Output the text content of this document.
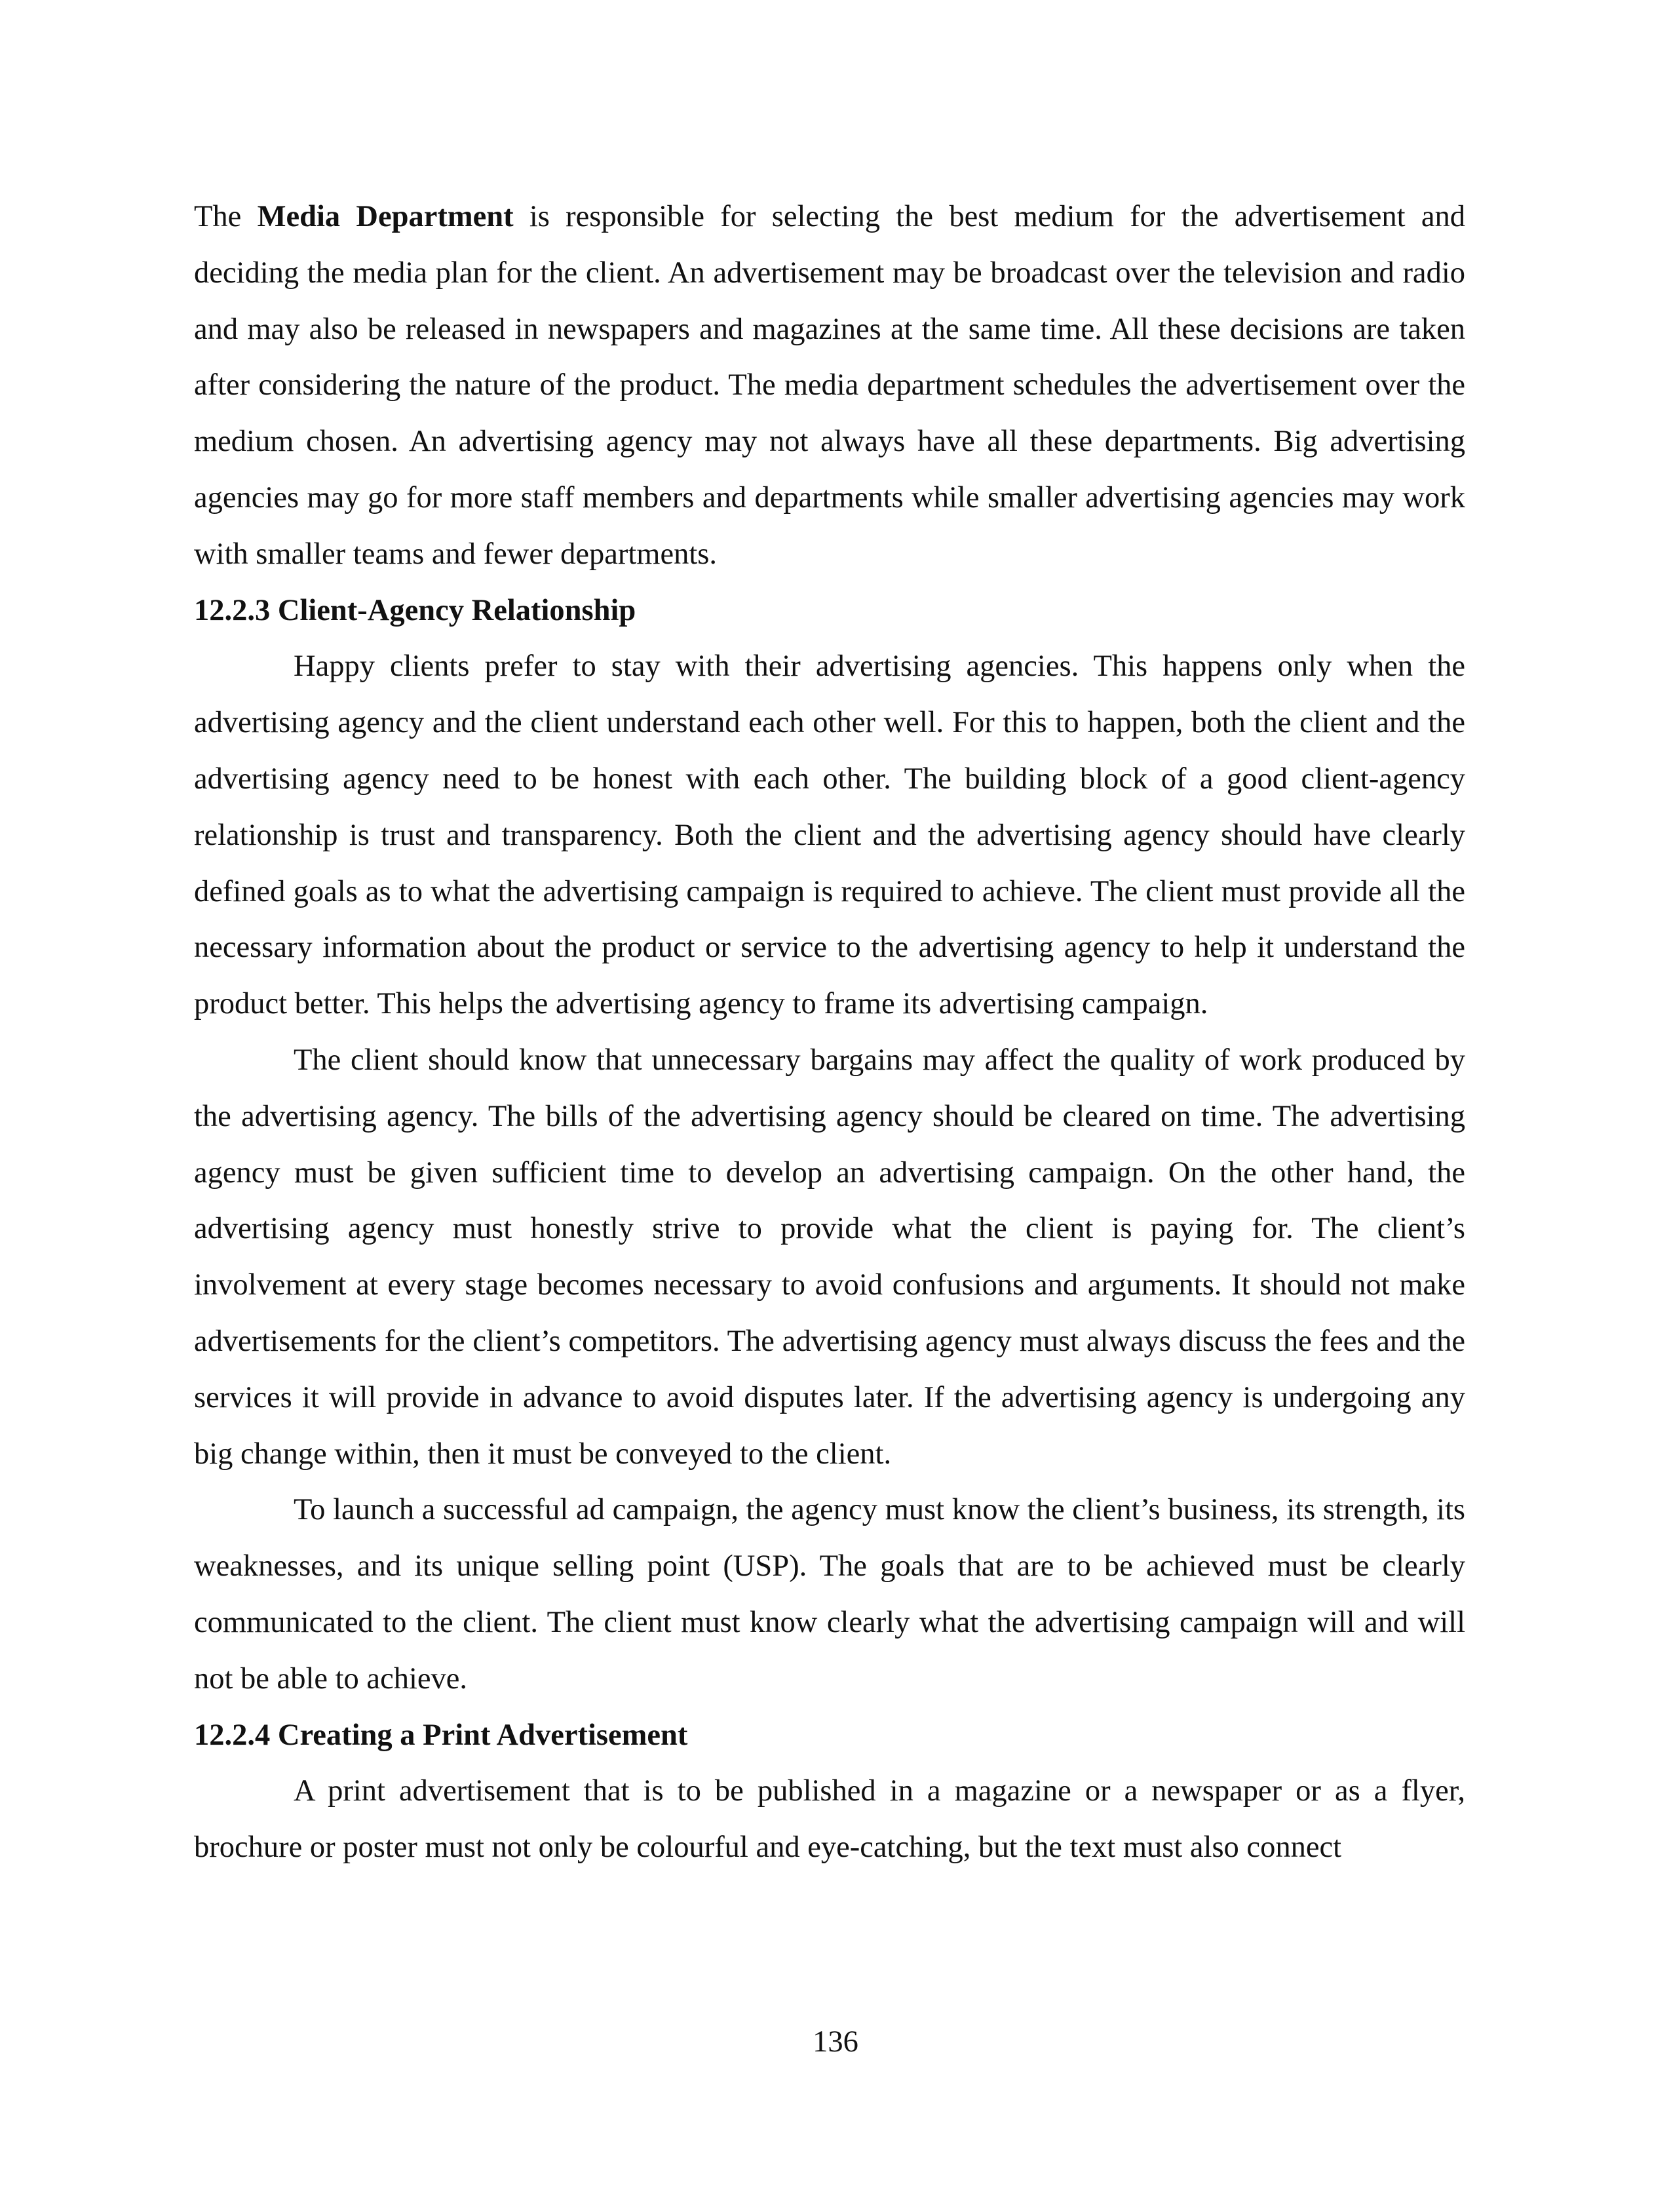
The Media Department is responsible for selecting the best medium for the advertisement and deciding the media plan for the client. An advertisement may be broadcast over the television and radio and may also be released in newspapers and magazines at the same time. All these decisions are taken after considering the nature of the product. The media department schedules the advertisement over the medium chosen. An advertising agency may not always have all these departments. Big advertising agencies may go for more staff members and departments while smaller advertising agencies may work with smaller teams and fewer departments.

12.2.3 Client-Agency Relationship

Happy clients prefer to stay with their advertising agencies. This happens only when the advertising agency and the client understand each other well. For this to happen, both the client and the advertising agency need to be honest with each other. The building block of a good client-agency relationship is trust and transparency. Both the client and the advertising agency should have clearly defined goals as to what the advertising campaign is required to achieve. The client must provide all the necessary information about the product or service to the advertising agency to help it understand the product better. This helps the advertising agency to frame its advertising campaign.

The client should know that unnecessary bargains may affect the quality of work produced by the advertising agency. The bills of the advertising agency should be cleared on time. The advertising agency must be given sufficient time to develop an advertising campaign. On the other hand, the advertising agency must honestly strive to provide what the client is paying for. The client’s involvement at every stage becomes necessary to avoid confusions and arguments. It should not make advertisements for the client’s competitors. The advertising agency must always discuss the fees and the services it will provide in advance to avoid disputes later. If the advertising agency is undergoing any big change within, then it must be conveyed to the client.

To launch a successful ad campaign, the agency must know the client’s business, its strength, its weaknesses, and its unique selling point (USP). The goals that are to be achieved must be clearly communicated to the client. The client must know clearly what the advertising campaign will and will not be able to achieve.

12.2.4 Creating a Print Advertisement

A print advertisement that is to be published in a magazine or a newspaper or as a flyer, brochure or poster must not only be colourful and eye-catching, but the text must also connect

136
